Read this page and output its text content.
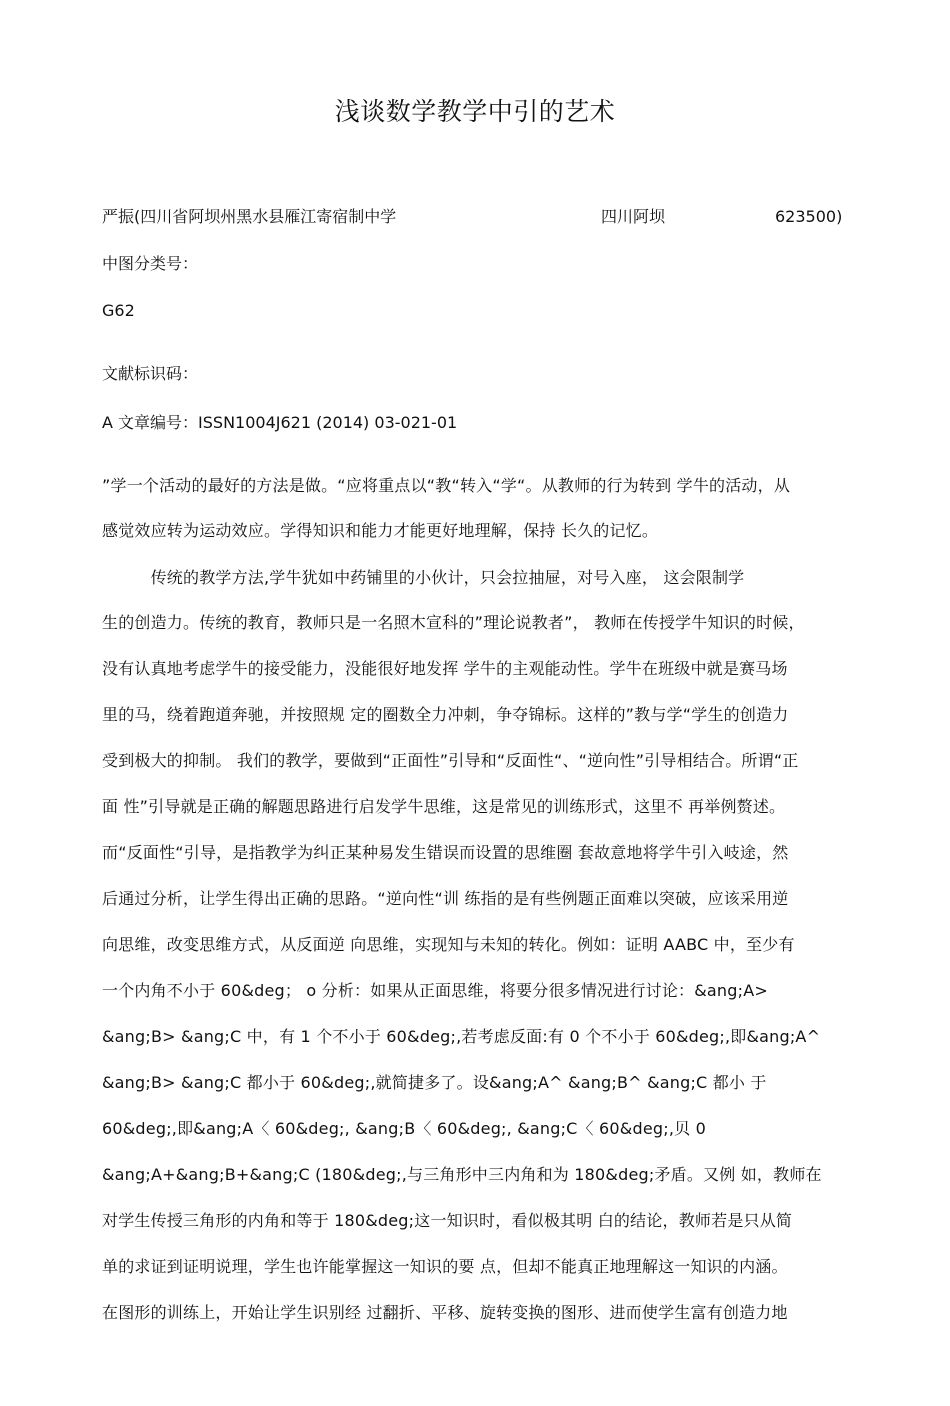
浅谈数学教学中引的艺术
严振(四川省阿坝州黑水县雁江寄宿制中学	四川阿坝	623500)
中图分类号：
G62
文献标识码：
A 文章编号：ISSN1004J621 (2014) 03-021-01
”学一个活动的最好的方法是做。“应将重点以“教“转入“学“。从教师的行为转到 学牛的活动，从
感觉效应转为运动效应。学得知识和能力才能更好地理解，保持 长久的记忆。
　　　传统的教学方法,学牛犹如中药铺里的小伙计，只会拉抽屉，对号入座， 这会限制学
生的创造力。传统的教育，教师只是一名照木宣科的”理论说教者”， 教师在传授学牛知识的时候，
没有认真地考虑学牛的接受能力，没能很好地发挥 学牛的主观能动性。学牛在班级中就是赛马场
里的马，绕着跑道奔驰，并按照规 定的圈数全力冲刺，争夺锦标。这样的”教与学“学生的创造力
受到极大的抑制。 我们的教学，要做到“正面性”引导和“反面性“、“逆向性”引导相结合。所谓“正
面 性”引导就是正确的解题思路进行启发学牛思维，这是常见的训练形式，这里不 再举例赘述。
而“反面性“引导，是指教学为纠正某种易发生错误而设置的思维圈 套故意地将学牛引入岐途，然
后通过分析，让学生得出正确的思路。“逆向性“训 练指的是有些例题正面难以突破，应该采用逆
向思维，改变思维方式，从反面逆 向思维，实现知与未知的转化。例如：证明 AABC 中，至少有
一个内角不小于 60&deg； o 分析：如果从正面思维，将要分很多情况进行讨论：&ang;A>
&ang;B> &ang;C 中，有 1 个不小于 60&deg;,若考虑反面:有 0 个不小于 60&deg;,即&ang;A^
&ang;B> &ang;C 都小于 60&deg;,就简捷多了。设&ang;A^ &ang;B^ &ang;C 都小 于
60&deg;,即&ang;A〈 60&deg;, &ang;B〈 60&deg;, &ang;C〈 60&deg;,贝 0
&ang;A+&ang;B+&ang;C (180&deg;,与三角形中三内角和为 180&deg;矛盾。又例 如，教师在
对学生传授三角形的内角和等于 180&deg;这一知识时，看似极其明 白的结论，教师若是只从简
单的求证到证明说理，学生也许能掌握这一知识的要 点，但却不能真正地理解这一知识的内涵。
在图形的训练上，开始让学生识别经 过翻折、平移、旋转变换的图形、进而使学生富有创造力地
